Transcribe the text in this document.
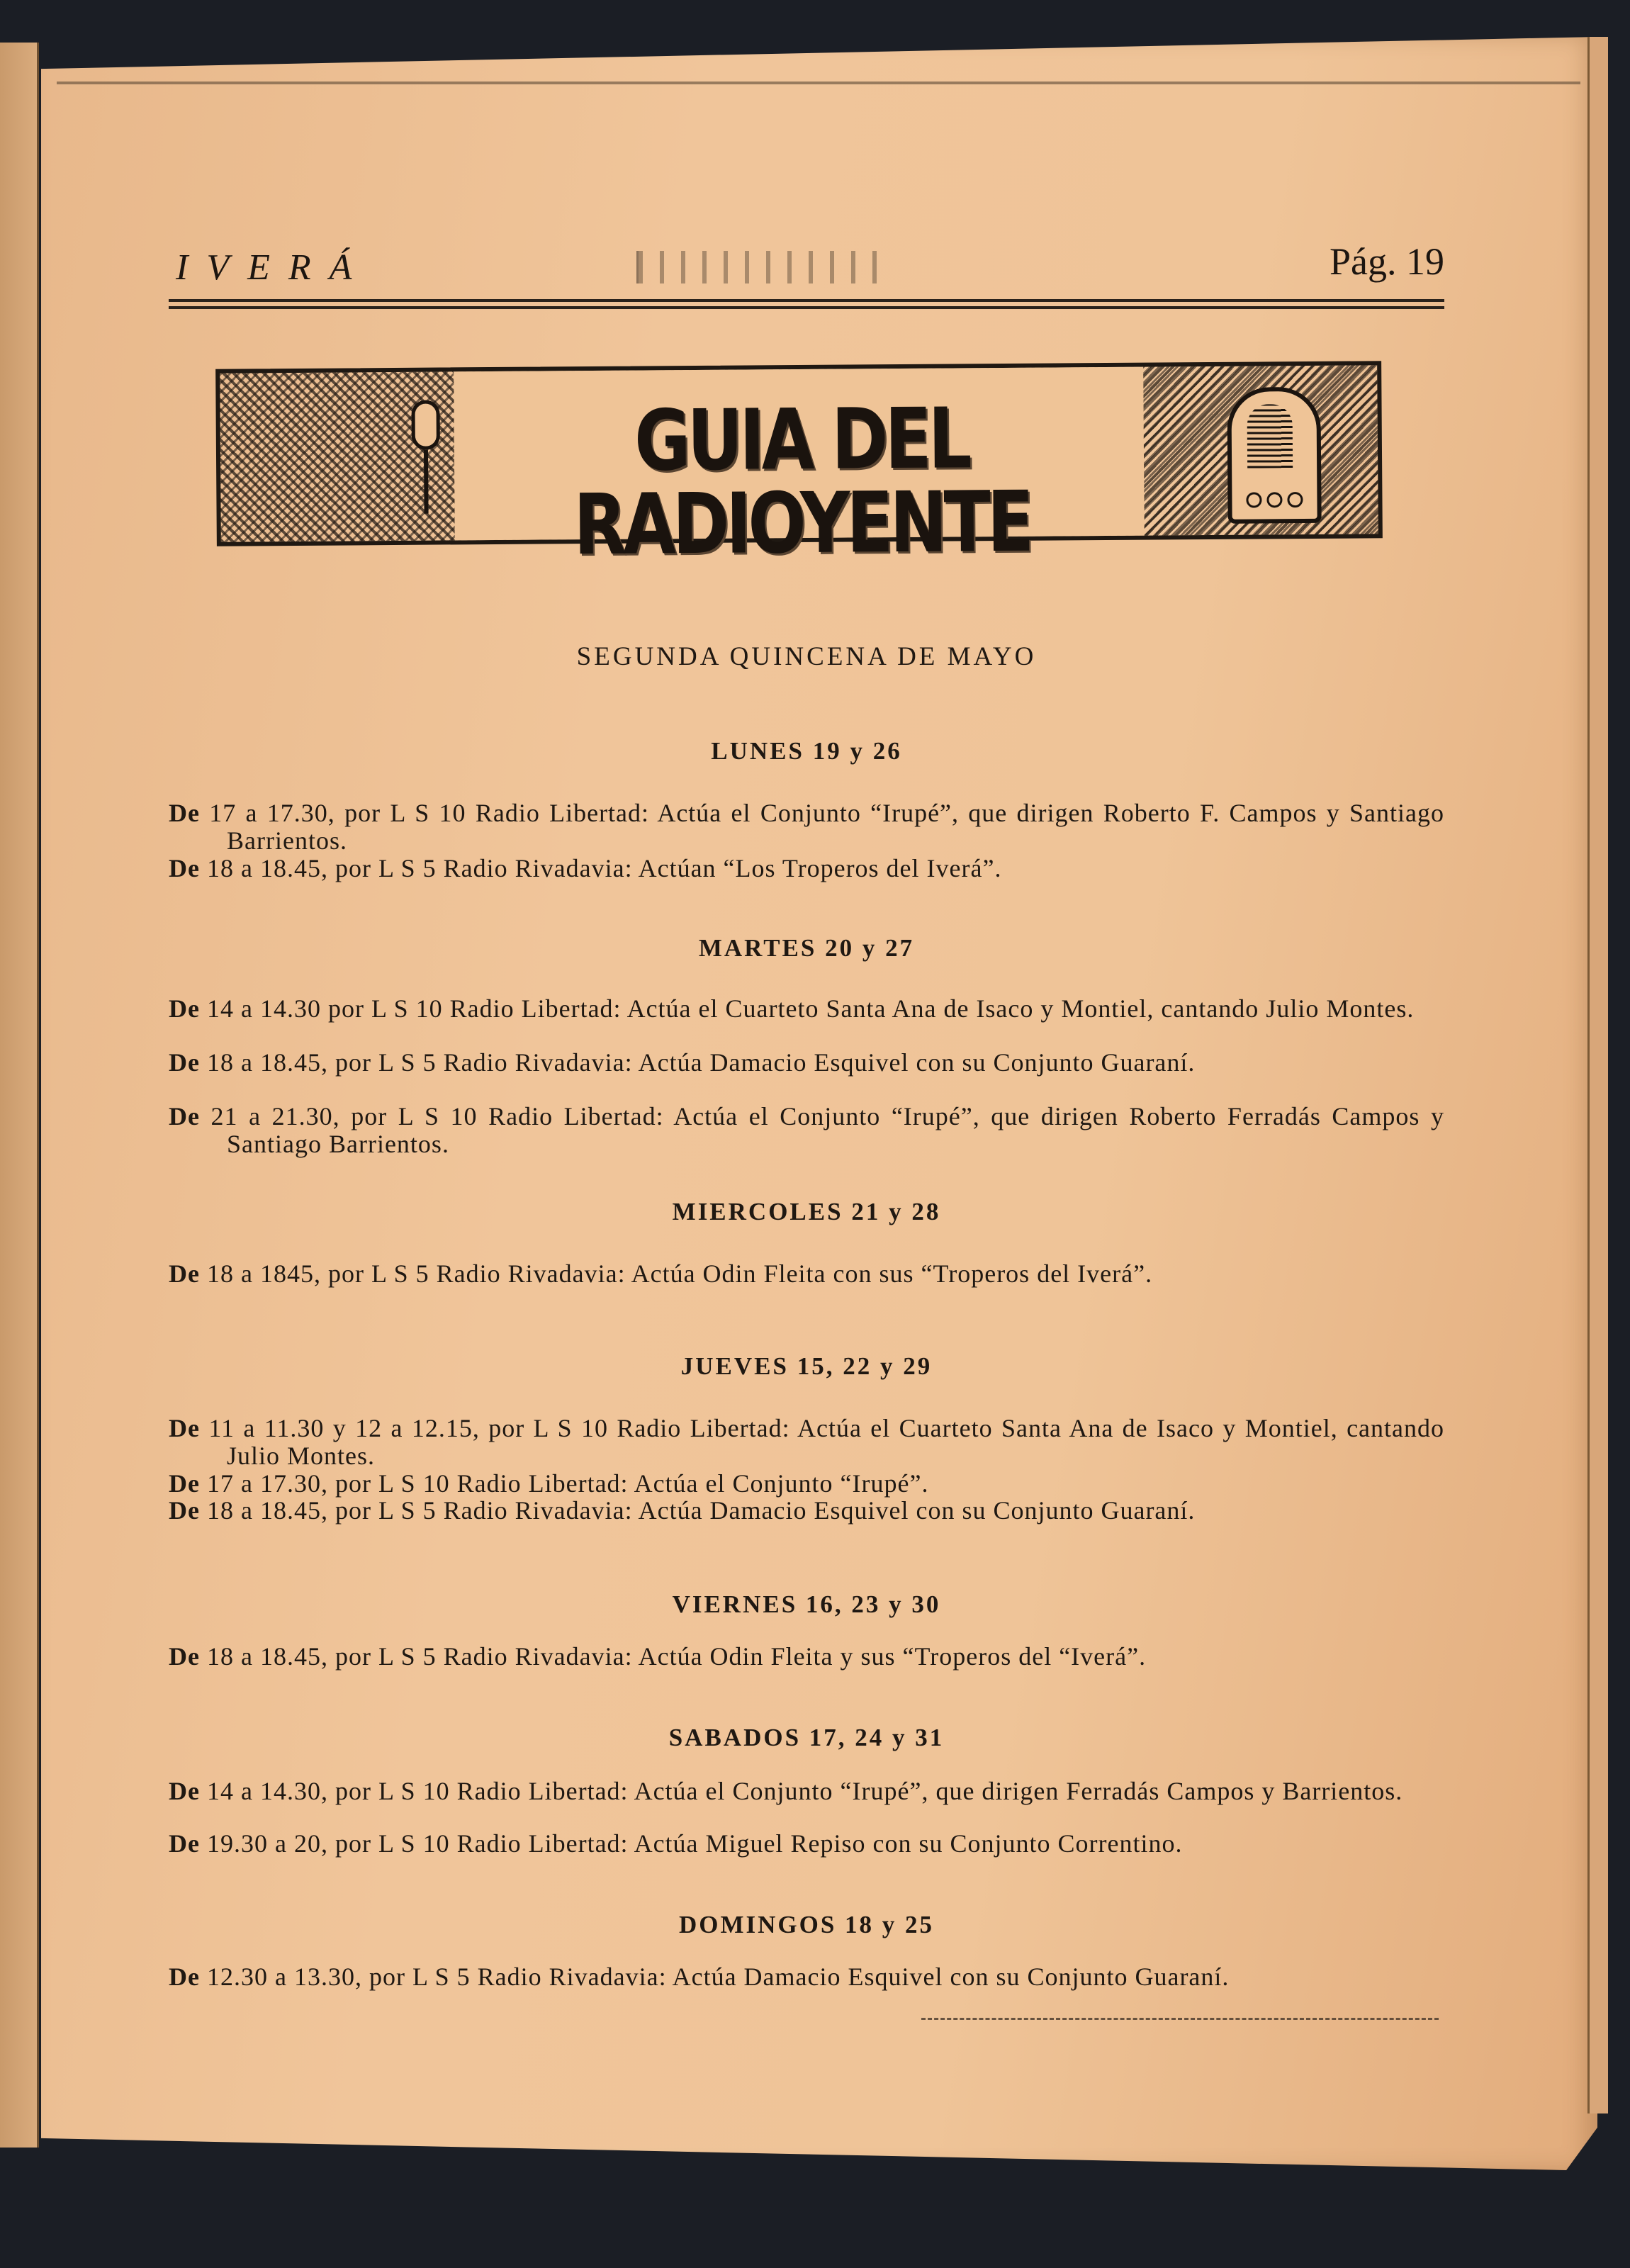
IVERÁ	Pág. 19
GUIA DEL RADIOYENTE
SEGUNDA QUINCENA DE MAYO
LUNES 19 y 26
De 17 a 17.30, por L S 10 Radio Libertad: Actúa el Conjunto “Irupé”, que dirigen Roberto F. Campos y Santiago Barrientos.
De 18 a 18.45, por L S 5 Radio Rivadavia: Actúan “Los Troperos del Iverá”.
MARTES 20 y 27
De 14 a 14.30 por L S 10 Radio Libertad: Actúa el Cuarteto Santa Ana de Isaco y Montiel, cantando Julio Montes.
De 18 a 18.45, por L S 5 Radio Rivadavia: Actúa Damacio Esquivel con su Conjunto Guaraní.
De 21 a 21.30, por L S 10 Radio Libertad: Actúa el Conjunto “Irupé”, que dirigen Roberto Ferradás Campos y Santiago Barrientos.
MIERCOLES 21 y 28
De 18 a 1845, por L S 5 Radio Rivadavia: Actúa Odin Fleita con sus “Troperos del Iverá”.
JUEVES 15, 22 y 29
De 11 a 11.30 y 12 a 12.15, por L S 10 Radio Libertad: Actúa el Cuarteto Santa Ana de Isaco y Montiel, cantando Julio Montes.
De 17 a 17.30, por L S 10 Radio Libertad: Actúa el Conjunto “Irupé”.
De 18 a 18.45, por L S 5 Radio Rivadavia: Actúa Damacio Esquivel con su Conjunto Guaraní.
VIERNES 16, 23 y 30
De 18 a 18.45, por L S 5 Radio Rivadavia: Actúa Odin Fleita y sus “Troperos del “Iverá”.
SABADOS 17, 24 y 31
De 14 a 14.30, por L S 10 Radio Libertad: Actúa el Conjunto “Irupé”, que dirigen Ferradás Campos y Barrientos.
De 19.30 a 20, por L S 10 Radio Libertad: Actúa Miguel Repiso con su Conjunto Correntino.
DOMINGOS 18 y 25
De 12.30 a 13.30, por L S 5 Radio Rivadavia: Actúa Damacio Esquivel con su Conjunto Guaraní.
